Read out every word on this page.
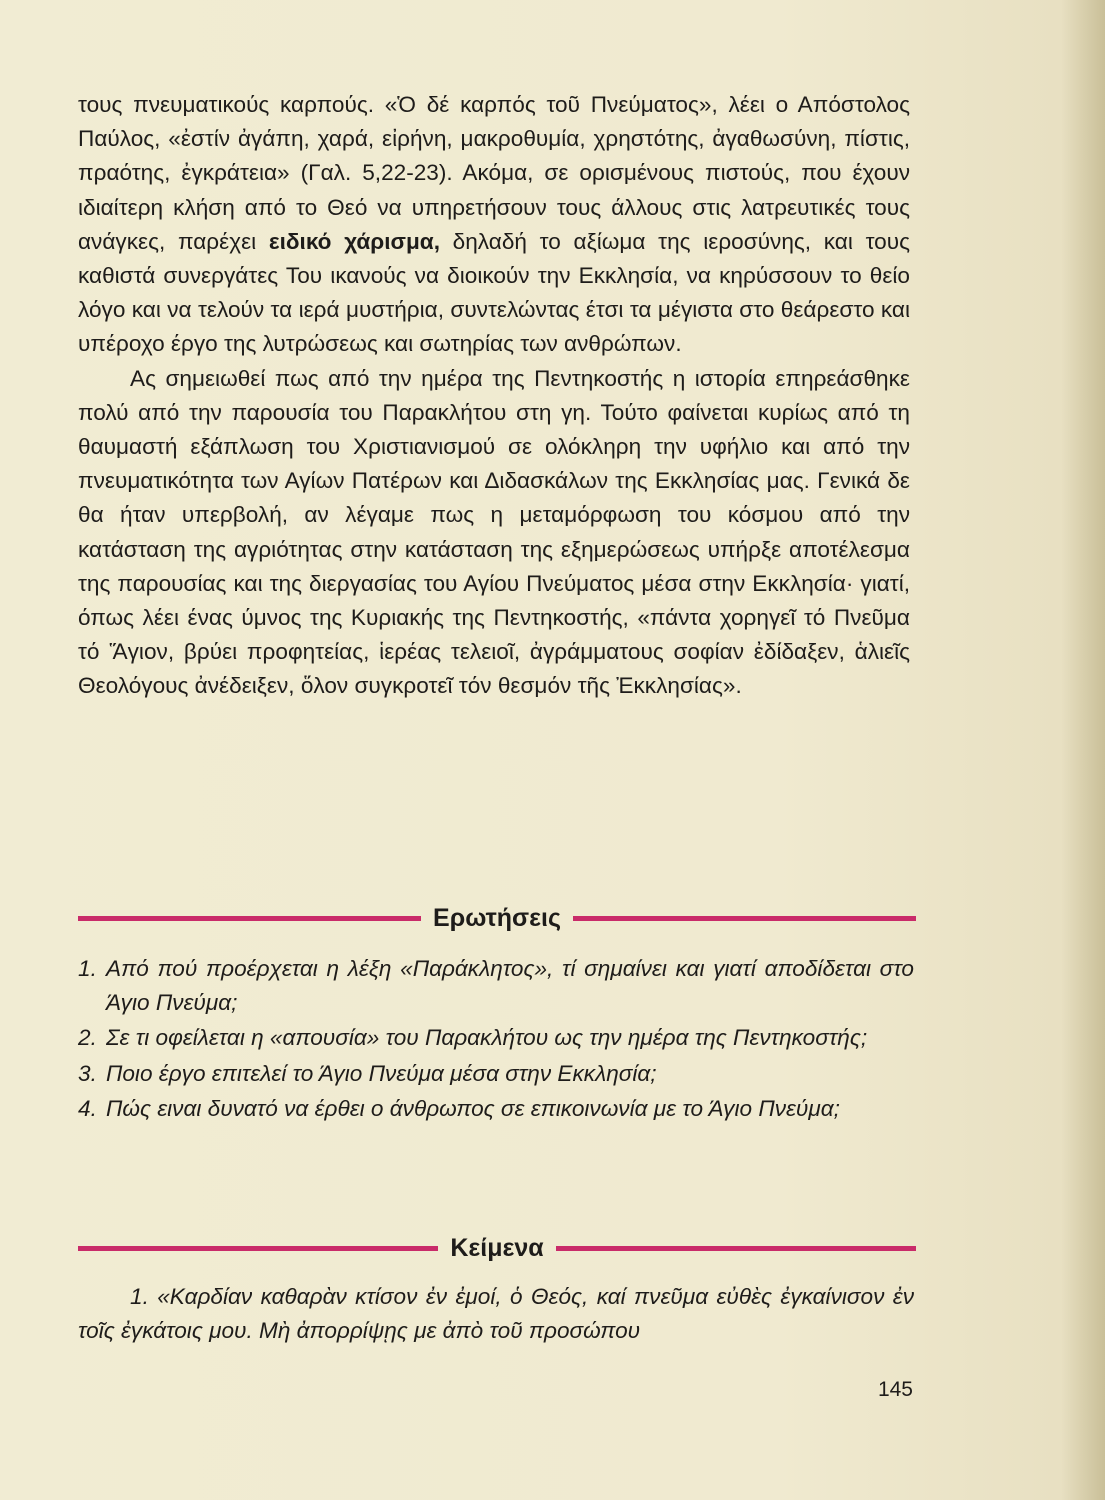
τους πνευματικούς καρπούς. «Ὁ δέ καρπός τοῦ Πνεύματος», λέει ο Απόστολος Παύλος, «ἐστίν ἀγάπη, χαρά, εἰρήνη, μακροθυμία, χρηστότης, ἀγαθωσύνη, πίστις, πραότης, ἐγκράτεια» (Γαλ. 5,22-23). Ακόμα, σε ορισμένους πιστούς, που έχουν ιδιαίτερη κλήση από το Θεό να υπηρετήσουν τους άλλους στις λατρευτικές τους ανάγκες, παρέχει ειδικό χάρισμα, δηλαδή το αξίωμα της ιεροσύνης, και τους καθιστά συνεργάτες Του ικανούς να διοικούν την Εκκλησία, να κηρύσσουν το θείο λόγο και να τελούν τα ιερά μυστήρια, συντελώντας έτσι τα μέγιστα στο θεάρεστο και υπέροχο έργο της λυτρώσεως και σωτηρίας των ανθρώπων.

Ας σημειωθεί πως από την ημέρα της Πεντηκοστής η ιστορία επηρεάσθηκε πολύ από την παρουσία του Παρακλήτου στη γη. Τούτο φαίνεται κυρίως από τη θαυμαστή εξάπλωση του Χριστιανισμού σε ολόκληρη την υφήλιο και από την πνευματικότητα των Αγίων Πατέρων και Διδασκάλων της Εκκλησίας μας. Γενικά δε θα ήταν υπερβολή, αν λέγαμε πως η μεταμόρφωση του κόσμου από την κατάσταση της αγριότητας στην κατάσταση της εξημερώσεως υπήρξε αποτέλεσμα της παρουσίας και της διεργασίας του Αγίου Πνεύματος μέσα στην Εκκλησία· γιατί, όπως λέει ένας ύμνος της Κυριακής της Πεντηκοστής, «πάντα χορηγεῖ τό Πνεῦμα τό Ἅγιον, βρύει προφητείας, ἱερέας τελειοῖ, ἀγράμματους σοφίαν ἐδίδαξεν, ἁλιεῖς Θεολόγους ἀνέδειξεν, ὅλον συγκροτεῖ τόν θεσμόν τῆς Ἐκκλησίας».

Ερωτήσεις
1. Από πού προέρχεται η λέξη «Παράκλητος», τί σημαίνει και γιατί αποδίδεται στο Άγιο Πνεύμα;
2. Σε τι οφείλεται η «απουσία» του Παρακλήτου ως την ημέρα της Πεντηκοστής;
3. Ποιο έργο επιτελεί το Άγιο Πνεύμα μέσα στην Εκκλησία;
4. Πώς ειναι δυνατό να έρθει ο άνθρωπος σε επικοινωνία με το Άγιο Πνεύμα;
Κείμενα

1. «Καρδίαν καθαρὰν κτίσον ἐν ἐμοί, ὁ Θεός, καί πνεῦμα εὐθὲς ἐγκαίνισον ἐν τοῖς ἐγκάτοις μου. Μὴ ἀπορρίψῃς με ἀπὸ τοῦ προσώπου

145
